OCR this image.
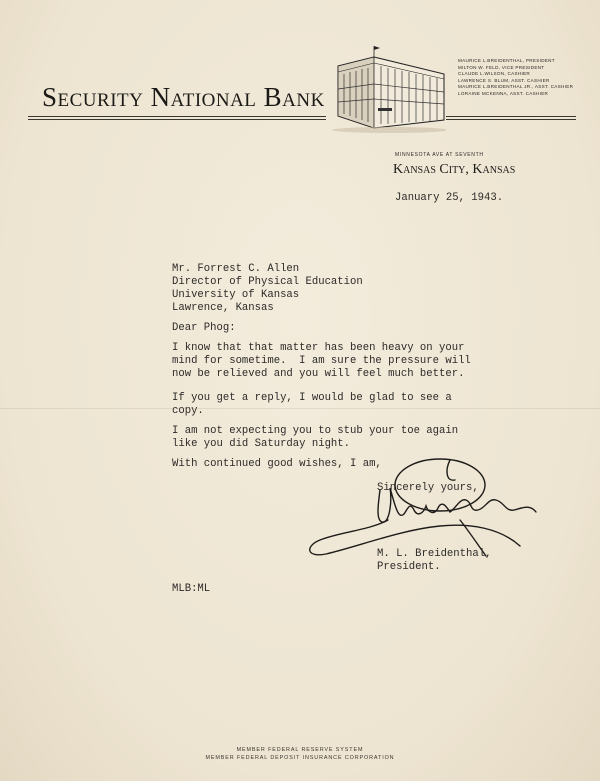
Security National Bank
MAURICE L.BREIDENTHAL, PRESIDENT
MILTON W. FELD, VICE PRESIDENT
CLAUDE L.WILSON, CASHIER
LAWRENCE S. BLUM, ASST. CASHIER
MAURICE L.BREIDENTHAL JR., ASST. CASHIER
LORAINE MCKENNA, ASST. CASHIER
MINNESOTA AVE AT SEVENTH
Kansas City, Kansas
January 25, 1943.
Mr. Forrest C. Allen
Director of Physical Education
University of Kansas
Lawrence, Kansas
Dear Phog:
I know that that matter has been heavy on your
mind for sometime.  I am sure the pressure will
now be relieved and you will feel much better.
If you get a reply, I would be glad to see a
copy.
I am not expecting you to stub your toe again
like you did Saturday night.
With continued good wishes, I am,
Sincerely yours,
M. L. Breidenthal,
President.
MLB:ML
MEMBER FEDERAL RESERVE SYSTEM
MEMBER FEDERAL DEPOSIT INSURANCE CORPORATION
